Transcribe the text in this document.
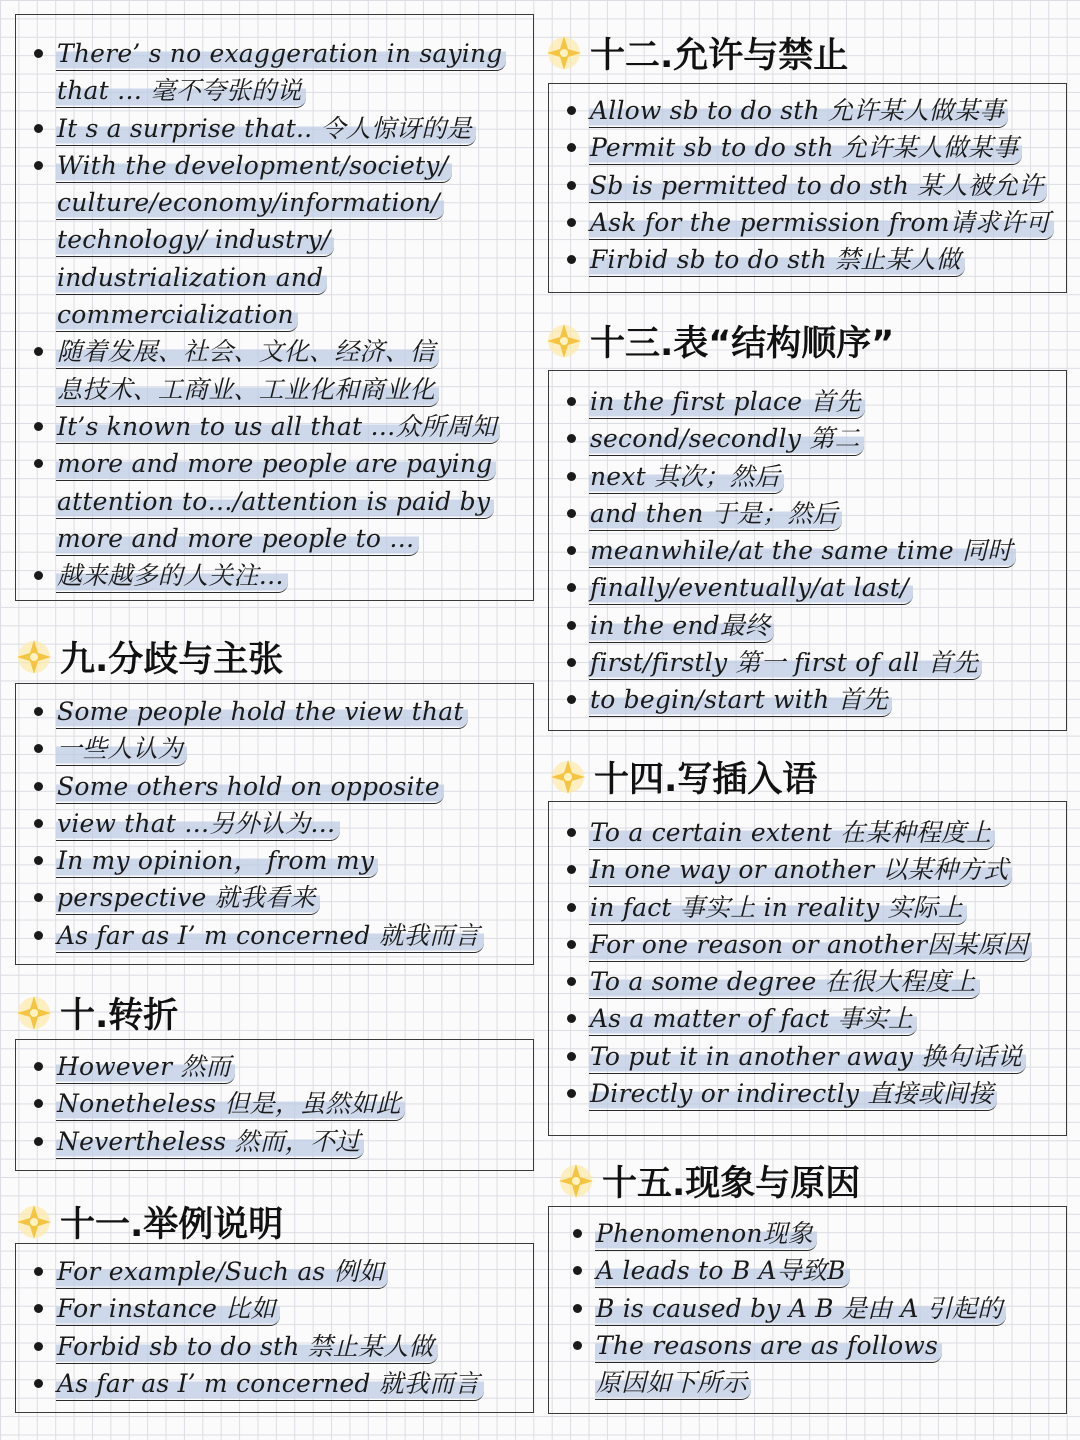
There’ s no exaggeration in saying
that … 毫不夸张的说
It s a surprise that.. 令人惊讶的是
With the development/society/
culture/economy/information/
technology/ industry/
industrialization and
commercialization
随着发展、社会、文化、经济、信
息技术、工商业、工业化和商业化
It’s known to us all that …众所周知
more and more people are paying
attention to…/attention is paid by
more and more people to …
越来越多的人关注…
九.分歧与主张
Some people hold the view that
一些人认为
Some others hold on opposite
view that …另外认为…
In my opinion， from my
perspective 就我看来
As far as I’ m concerned 就我而言
十.转折
However 然而
Nonetheless 但是，虽然如此
Nevertheless 然而，不过
十一.举例说明
For example/Such as 例如
For instance 比如
Forbid sb to do sth 禁止某人做
As far as I’ m concerned 就我而言
十二.允许与禁止
Allow sb to do sth 允许某人做某事
Permit sb to do sth 允许某人做某事
Sb is permitted to do sth 某人被允许
Ask for the permission from请求许可
Firbid sb to do sth 禁止某人做
十三.表“结构顺序”
in the first place 首先
second/secondly 第二
next 其次；然后
and then 于是；然后
meanwhile/at the same time 同时
finally/eventually/at last/
in the end最终
first/firstly 第一 first of all 首先
to begin/start with 首先
十四.写插入语
To a certain extent 在某种程度上
In one way or another 以某种方式
in fact 事实上 in reality 实际上
For one reason or another因某原因
To a some degree 在很大程度上
As a matter of fact 事实上
To put it in another away 换句话说
Directly or indirectly 直接或间接
十五.现象与原因
Phenomenon现象
A leads to B A导致B
B is caused by A B 是由 A 引起的
The reasons are as follows
原因如下所示
